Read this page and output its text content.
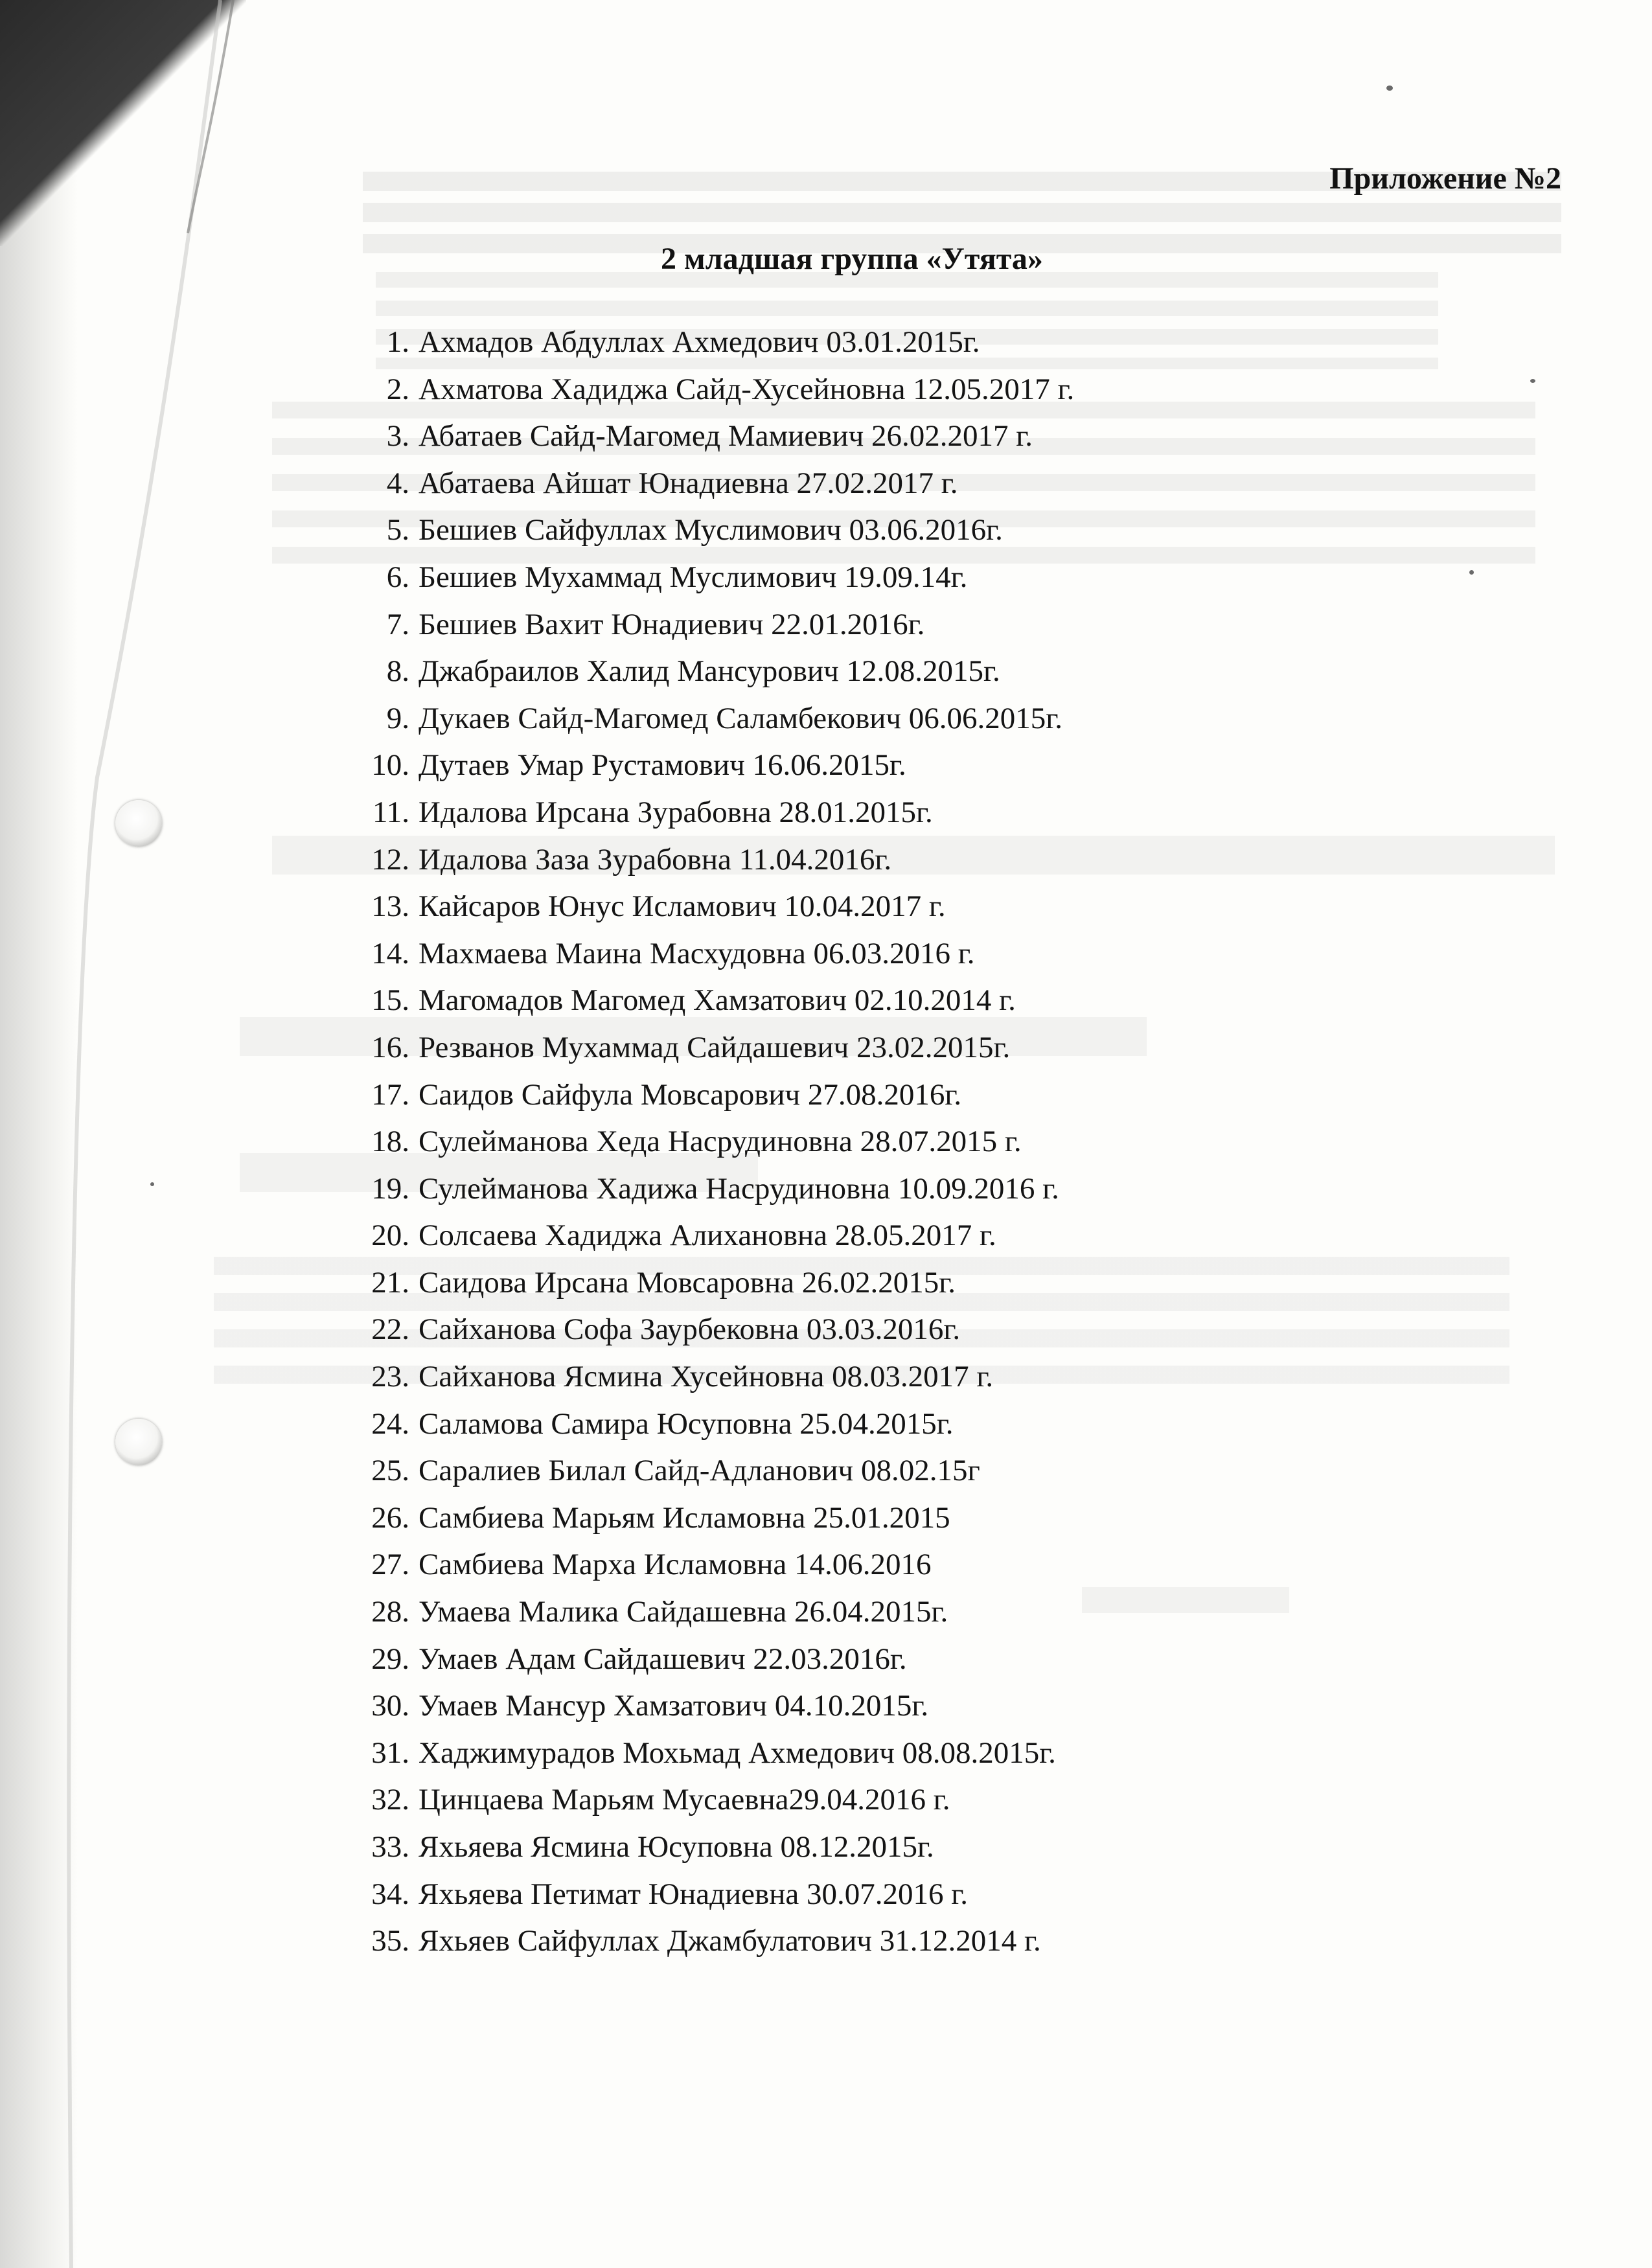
Приложение №2
2 младшая группа «Утята»
1. Ахмадов Абдуллах Ахмедович 03.01.2015г.
2. Ахматова Хадиджа Сайд-Хусейновна 12.05.2017 г.
3. Абатаев Сайд-Магомед Мамиевич 26.02.2017 г.
4. Абатаева Айшат Юнадиевна 27.02.2017 г.
5. Бешиев Сайфуллах Муслимович 03.06.2016г.
6. Бешиев Мухаммад Муслимович 19.09.14г.
7. Бешиев Вахит Юнадиевич 22.01.2016г.
8. Джабраилов Халид Мансурович 12.08.2015г.
9. Дукаев Сайд-Магомед Саламбекович 06.06.2015г.
10. Дутаев Умар Рустамович 16.06.2015г.
11. Идалова Ирсана Зурабовна 28.01.2015г.
12. Идалова Заза Зурабовна 11.04.2016г.
13. Кайсаров Юнус Исламович 10.04.2017 г.
14. Махмаева Маина Масхудовна 06.03.2016 г.
15. Магомадов Магомед Хамзатович 02.10.2014 г.
16. Резванов Мухаммад Сайдашевич 23.02.2015г.
17. Саидов Сайфула Мовсарович 27.08.2016г.
18. Сулейманова Хеда Насрудиновна 28.07.2015 г.
19. Сулейманова Хадижа Насрудиновна 10.09.2016 г.
20. Солсаева Хадиджа Алихановна 28.05.2017 г.
21. Саидова Ирсана Мовсаровна 26.02.2015г.
22. Сайханова Софа Заурбековна 03.03.2016г.
23. Сайханова Ясмина Хусейновна 08.03.2017 г.
24. Саламова Самира Юсуповна 25.04.2015г.
25. Саралиев Билал Сайд-Адланович 08.02.15г
26. Самбиева Марьям Исламовна 25.01.2015
27. Самбиева Марха Исламовна 14.06.2016
28. Умаева Малика Сайдашевна 26.04.2015г.
29. Умаев Адам Сайдашевич 22.03.2016г.
30. Умаев Мансур Хамзатович 04.10.2015г.
31. Хаджимурадов Мохьмад Ахмедович 08.08.2015г.
32. Цинцаева Марьям Мусаевна29.04.2016 г.
33. Яхьяева Ясмина Юсуповна 08.12.2015г.
34. Яхьяева Петимат Юнадиевна 30.07.2016 г.
35. Яхьяев Сайфуллах Джамбулатович 31.12.2014 г.
